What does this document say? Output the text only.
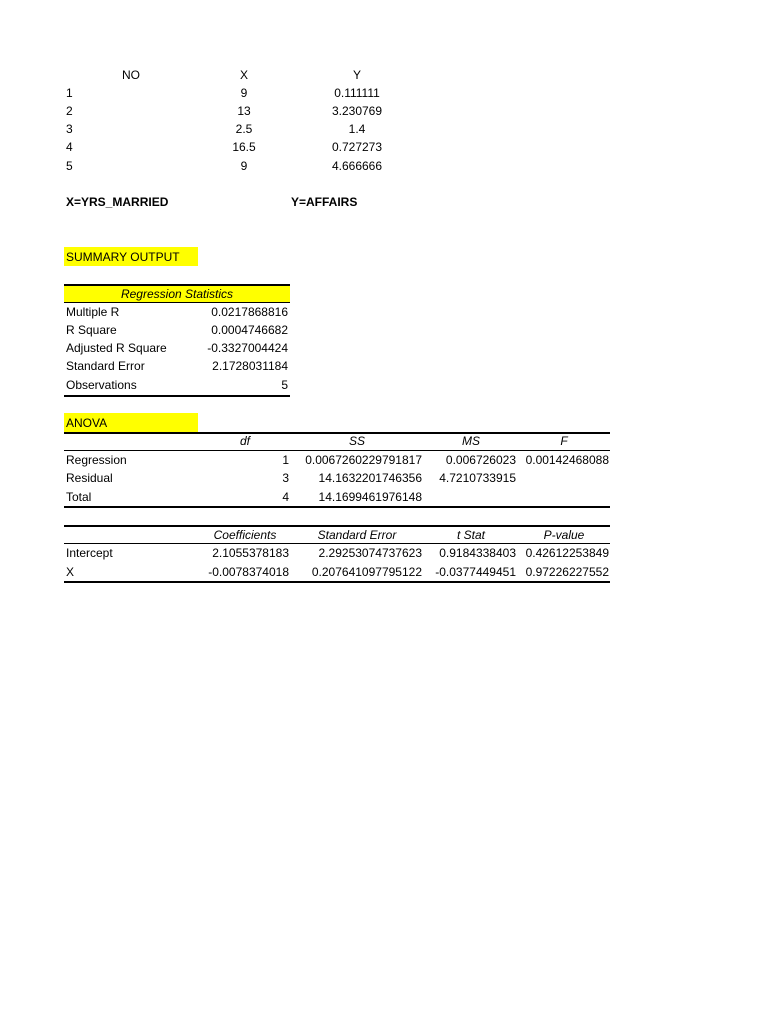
NO	X	Y
1	9	0.111111
2	13	3.230769
3	2.5	1.4
4	16.5	0.727273
5	9	4.666666
X=YRS_MARRIED	Y=AFFAIRS
SUMMARY OUTPUT
Regression Statistics
Multiple R	0.0217868816
R Square	0.0004746682
Adjusted R Square	-0.3327004424
Standard Error	2.1728031184
Observations	5
ANOVA
df	SS	MS	F
Regression	1	0.0067260229791817	0.006726023 0.00142468088
Residual	3	14.1632201746356	4.7210733915
Total	4	14.1699461976148
Coefficients	Standard Error	t Stat	P-value
Intercept	2.1055378183	2.29253074737623	0.9184338403 0.42612253849
X	-0.0078374018	0.207641097795122	-0.0377449451 0.97226227552
